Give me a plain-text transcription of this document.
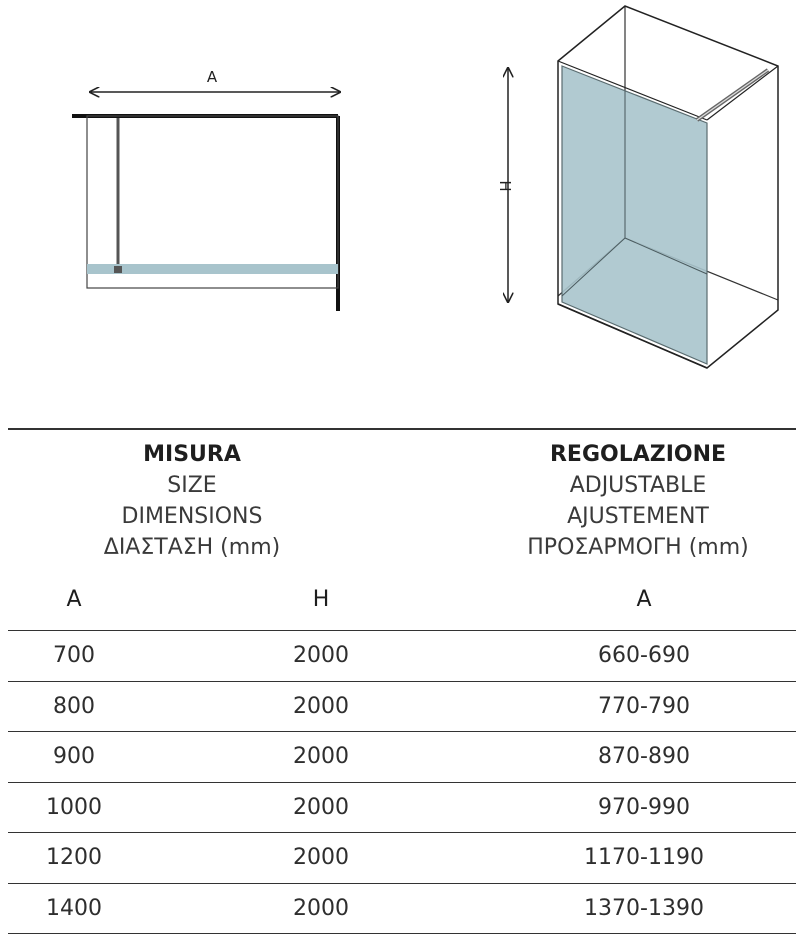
A
H
MISURA
SIZE
DIMENSIONS
ΔΙΑΣΤΑΣΗ (mm)
REGOLAZIONE
ADJUSTABLE
AJUSTEMENT
ΠΡΟΣΑΡΜΟΓΗ (mm)
A	H	A
700	2000	660-690
800	2000	770-790
900	2000	870-890
1000	2000	970-990
1200	2000	1170-1190
1400	2000	1370-1390
